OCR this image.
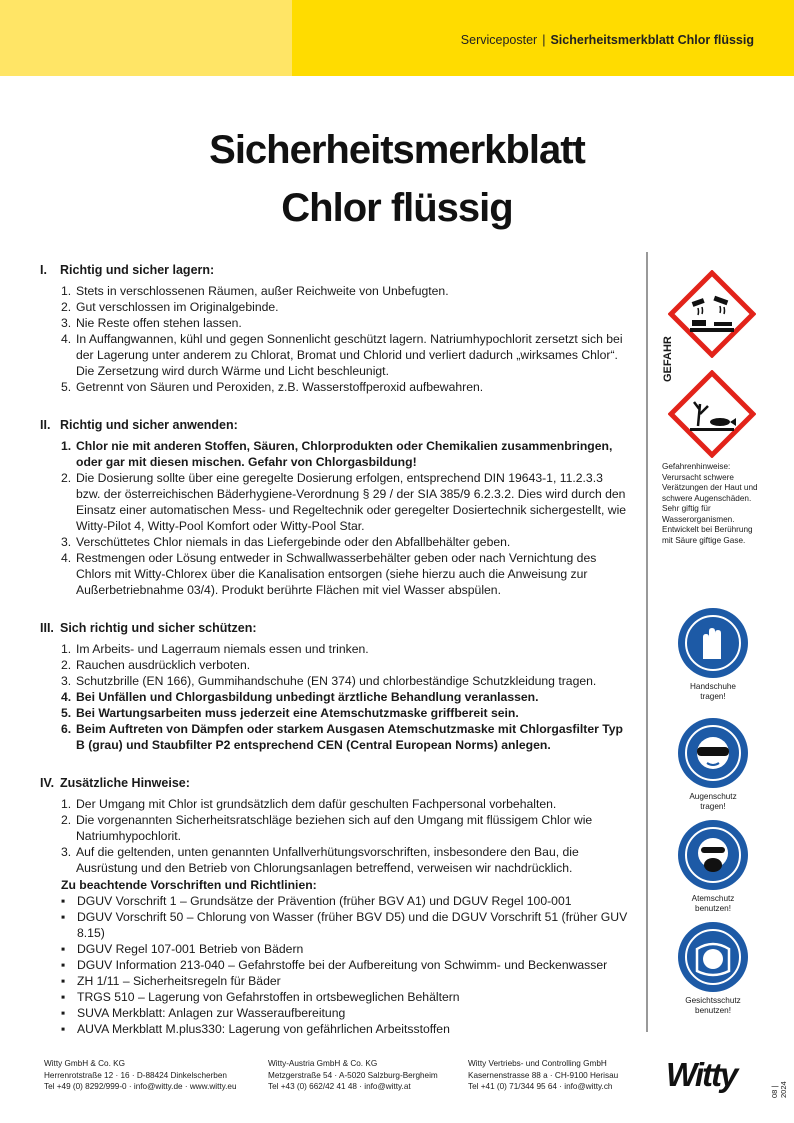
Serviceposter | Sicherheitsmerkblatt Chlor flüssig
Sicherheitsmerkblatt
Chlor flüssig
I.	Richtig und sicher lagern:
1. Stets in verschlossenen Räumen, außer Reichweite von Unbefugten.
2. Gut verschlossen im Originalgebinde.
3. Nie Reste offen stehen lassen.
4. In Auffangwannen, kühl und gegen Sonnenlicht geschützt lagern. Natriumhypochlorit zersetzt sich bei der Lagerung unter anderem zu Chlorat, Bromat und Chlorid und verliert dadurch „wirksames Chlor“. Die Zersetzung wird durch Wärme und Licht beschleunigt.
5. Getrennt von Säuren und Peroxiden, z.B. Wasserstoffperoxid aufbewahren.
II. Richtig und sicher anwenden:
1. Chlor nie mit anderen Stoffen, Säuren, Chlorprodukten oder Chemikalien zusammenbringen, oder gar mit diesen mischen. Gefahr von Chlorgasbildung!
2. Die Dosierung sollte über eine geregelte Dosierung erfolgen, entsprechend DIN 19643-1, 11.2.3.3 bzw. der österreichischen Bäderhygiene-Verordnung § 29 / der SIA 385/9 6.2.3.2. Dies wird durch den Einsatz einer automatischen Mess- und Regeltechnik oder geregelter Dosiertechnik sichergestellt, wie Witty-Pilot 4, Witty-Pool Komfort oder Witty-Pool Star.
3. Verschüttetes Chlor niemals in das Liefergebinde oder den Abfallbehälter geben.
4. Restmengen oder Lösung entweder in Schwallwasserbehälter geben oder nach Vernichtung des Chlors mit Witty-Chlorex über die Kanalisation entsorgen (siehe hierzu auch die Anweisung zur Außerbetriebnahme 03/4). Produkt berührte Flächen mit viel Wasser abspülen.
III. Sich richtig und sicher schützen:
1. Im Arbeits- und Lagerraum niemals essen und trinken.
2. Rauchen ausdrücklich verboten.
3. Schutzbrille (EN 166), Gummihandschuhe (EN 374) und chlorbeständige Schutzkleidung tragen.
4. Bei Unfällen und Chlorgasbildung unbedingt ärztliche Behandlung veranlassen.
5. Bei Wartungsarbeiten muss jederzeit eine Atemschutzmaske griffbereit sein.
6. Beim Auftreten von Dämpfen oder starkem Ausgasen Atemschutzmaske mit Chlorgasfilter Typ B (grau) und Staubfilter P2 entsprechend CEN (Central European Norms) anlegen.
IV. Zusätzliche Hinweise:
1. Der Umgang mit Chlor ist grundsätzlich dem dafür geschulten Fachpersonal vorbehalten.
2. Die vorgenannten Sicherheitsratschläge beziehen sich auf den Umgang mit flüssigem Chlor wie Natriumhypochlorit.
3. Auf die geltenden, unten genannten Unfallverhütungsvorschriften, insbesondere den Bau, die Ausrüstung und den Betrieb von Chlorungsanlagen betreffend, verweisen wir nachdrücklich.
Zu beachtende Vorschriften und Richtlinien:
▪ DGUV Vorschrift 1 – Grundsätze der Prävention (früher BGV A1) und DGUV Regel 100-001
▪ DGUV Vorschrift 50 – Chlorung von Wasser (früher BGV D5) und die DGUV Vorschrift 51 (früher GUV 8.15)
▪ DGUV Regel 107-001 Betrieb von Bädern
▪ DGUV Information 213-040 – Gefahrstoffe bei der Aufbereitung von Schwimm- und Beckenwasser
▪ ZH 1/11 – Sicherheitsregeln für Bäder
▪ TRGS 510 – Lagerung von Gefahrstoffen in ortsbeweglichen Behältern
▪ SUVA Merkblatt: Anlagen zur Wasseraufbereitung
▪ AUVA Merkblatt M.plus330: Lagerung von gefährlichen Arbeitsstoffen
GEFAHR
Gefahrenhinweise: Verursacht schwere Verätzungen der Haut und schwere Augenschäden. Sehr giftig für Wasserorganismen. Entwickelt bei Berührung mit Säure giftige Gase.
Handschuhe tragen!
Augenschutz tragen!
Atemschutz benutzen!
Gesichtsschutz benutzen!
Witty GmbH & Co. KG
Herrenrotstraße 12 · 16 · D-88424 Dinkelscherben
Tel +49 (0) 8292/999-0 · info@witty.de · www.witty.eu
Witty-Austria GmbH & Co. KG
Metzgerstraße 54 · A-5020 Salzburg-Bergheim
Tel +43 (0) 662/42 41 48 · info@witty.at
Witty Vertriebs- und Controlling GmbH
Kasernenstrasse 88 a · CH-9100 Herisau
Tel +41 (0) 71/344 95 64 · info@witty.ch Witty	08 | 2024
